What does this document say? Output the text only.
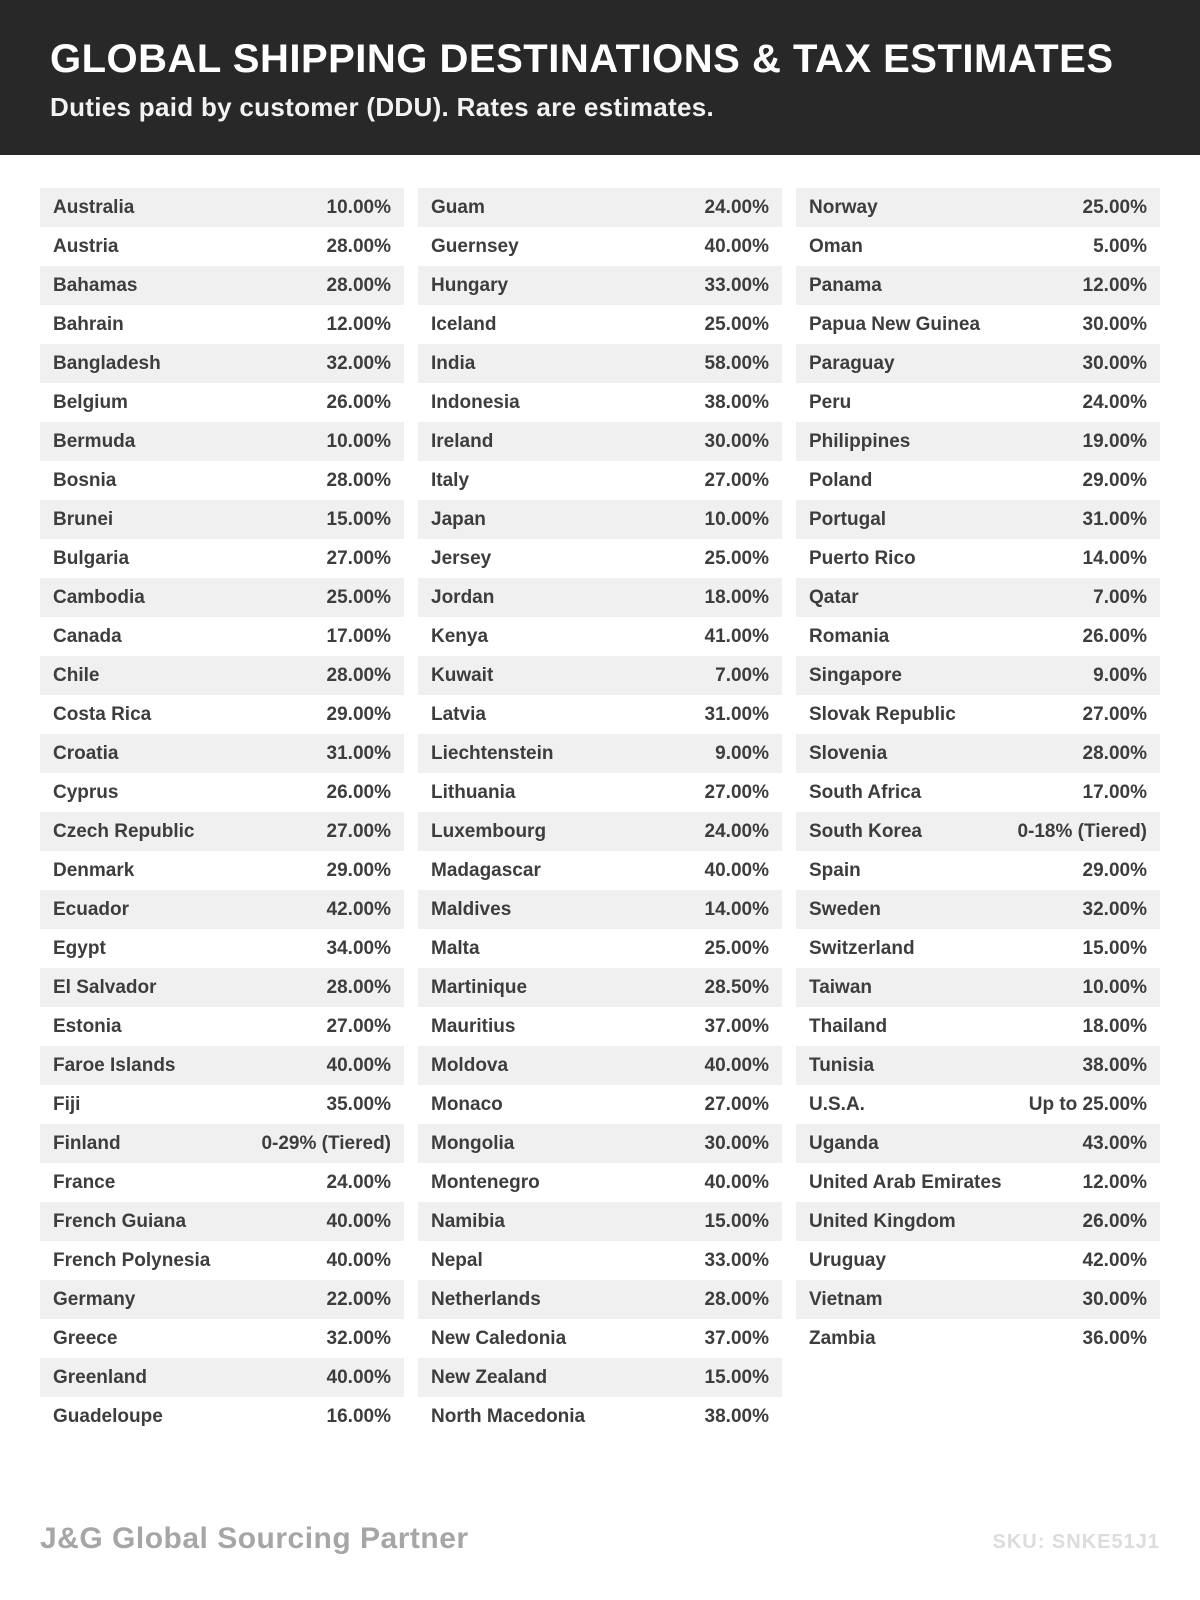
GLOBAL SHIPPING DESTINATIONS & TAX ESTIMATES

Duties paid by customer (DDU). Rates are estimates.

Australia	10.00%
Austria	28.00%
Bahamas	28.00%
Bahrain	12.00%
Bangladesh	32.00%
Belgium	26.00%
Bermuda	10.00%
Bosnia	28.00%
Brunei	15.00%
Bulgaria	27.00%
Cambodia	25.00%
Canada	17.00%
Chile	28.00%
Costa Rica	29.00%
Croatia	31.00%
Cyprus	26.00%
Czech Republic	27.00%
Denmark	29.00%
Ecuador	42.00%
Egypt	34.00%
El Salvador	28.00%
Estonia	27.00%
Faroe Islands	40.00%
Fiji	35.00%
Finland	0-29% (Tiered)
France	24.00%
French Guiana	40.00%
French Polynesia	40.00%
Germany	22.00%
Greece	32.00%
Greenland	40.00%
Guadeloupe	16.00%
Guam	24.00%
Guernsey	40.00%
Hungary	33.00%
Iceland	25.00%
India	58.00%
Indonesia	38.00%
Ireland	30.00%
Italy	27.00%
Japan	10.00%
Jersey	25.00%
Jordan	18.00%
Kenya	41.00%
Kuwait	7.00%
Latvia	31.00%
Liechtenstein	9.00%
Lithuania	27.00%
Luxembourg	24.00%
Madagascar	40.00%
Maldives	14.00%
Malta	25.00%
Martinique	28.50%
Mauritius	37.00%
Moldova	40.00%
Monaco	27.00%
Mongolia	30.00%
Montenegro	40.00%
Namibia	15.00%
Nepal	33.00%
Netherlands	28.00%
New Caledonia	37.00%
New Zealand	15.00%
North Macedonia	38.00%
Norway	25.00%
Oman	5.00%
Panama	12.00%
Papua New Guinea	30.00%
Paraguay	30.00%
Peru	24.00%
Philippines	19.00%
Poland	29.00%
Portugal	31.00%
Puerto Rico	14.00%
Qatar	7.00%
Romania	26.00%
Singapore	9.00%
Slovak Republic	27.00%
Slovenia	28.00%
South Africa	17.00%
South Korea	0-18% (Tiered)
Spain	29.00%
Sweden	32.00%
Switzerland	15.00%
Taiwan	10.00%
Thailand	18.00%
Tunisia	38.00%
U.S.A.	Up to 25.00%
Uganda	43.00%
United Arab Emirates	12.00%
United Kingdom	26.00%
Uruguay	42.00%
Vietnam	30.00%
Zambia	36.00%
J&G Global Sourcing Partner	SKU: SNKE51J1
